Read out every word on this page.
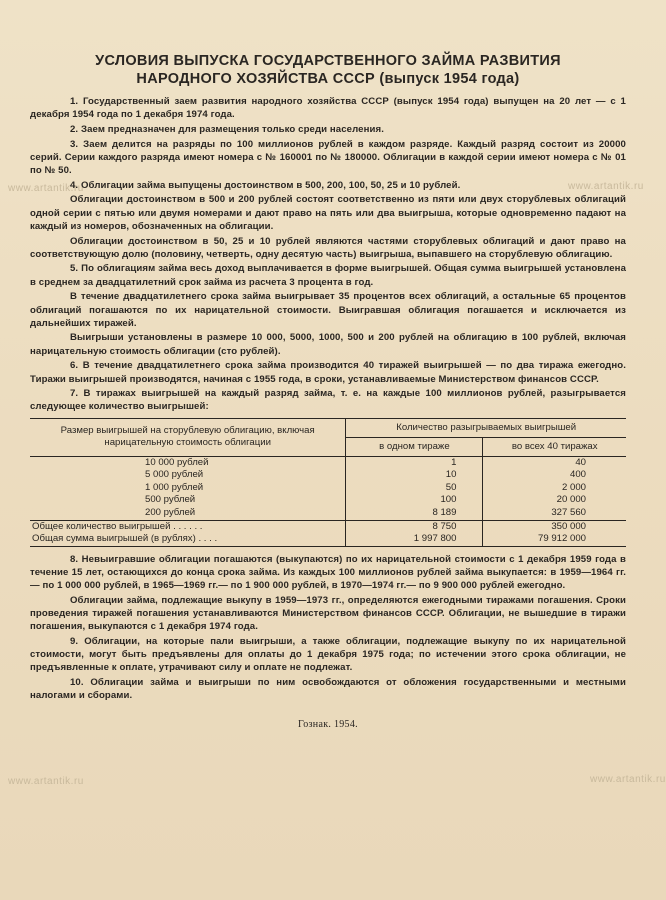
www.artantik.ru	www.artantik.ru
www.artantik.ru
www.artantik.ru
УСЛОВИЯ ВЫПУСКА ГОСУДАРСТВЕННОГО ЗАЙМА РАЗВИТИЯ
НАРОДНОГО ХОЗЯЙСТВА СССР (выпуск 1954 года)

1. Государственный заем развития народного хозяйства СССР (выпуск 1954 года) выпущен на 20 лет — с 1 декабря 1954 года по 1 декабря 1974 года.

2. Заем предназначен для размещения только среди населения.

3. Заем делится на разряды по 100 миллионов рублей в каждом разряде. Каждый разряд состоит из 20000 серий. Серии каждого разряда имеют номера с № 160001 по № 180000. Облигации в каждой серии имеют номера с № 01 по № 50.

4. Облигации займа выпущены достоинством в 500, 200, 100, 50, 25 и 10 рублей.

Облигации достоинством в 500 и 200 рублей состоят соответственно из пяти или двух сторублевых облигаций одной серии с пятью или двумя номерами и дают право на пять или два выигрыша, которые одновременно падают на каждый из номеров, обозначенных на облигации.

Облигации достоинством в 50, 25 и 10 рублей являются частями сторублевых облигаций и дают право на соответствующую долю (половину, четверть, одну десятую часть) выигрыша, выпавшего на сторублевую облигацию.

5. По облигациям займа весь доход выплачивается в форме выигрышей. Общая сумма выигрышей установлена в среднем за двадцатилетний срок займа из расчета 3 процента в год.

В течение двадцатилетнего срока займа выигрывает 35 процентов всех облигаций, а остальные 65 процентов облигаций погашаются по их нарицательной стоимости. Выигравшая облигация погашается и исключается из дальнейших тиражей.

Выигрыши установлены в размере 10 000, 5000, 1000, 500 и 200 рублей на облигацию в 100 рублей, включая нарицательную стоимость облигации (сто рублей).

6. В течение двадцатилетнего срока займа производится 40 тиражей выигрышей — по два тиража ежегодно. Тиражи выигрышей производятся, начиная с 1955 года, в сроки, устанавливаемые Министерством финансов СССР.

7. В тиражах выигрышей на каждый разряд займа, т. е. на каждые 100 миллионов рублей, разыгрывается следующее количество выигрышей:

Размер выигрышей на сторублевую облигацию, включая нарицательную стоимость облигации	Количество разыгрываемых выигрышей	
	в одном тираже	во всех 40 тиражах
10 000 рублей	1	40
5 000 рублей	10	400
1 000 рублей	50	2 000
500 рублей	100	20 000
200 рублей	8 189	327 560
Общее количество выигрышей . . . . . .	8 750	350 000
Общая сумма выигрышей (в рублях) . . . .	1 997 800	79 912 000

8. Невыигравшие облигации погашаются (выкупаются) по их нарицательной стоимости с 1 декабря 1959 года в течение 15 лет, остающихся до конца срока займа. Из каждых 100 миллионов рублей займа выкупается: в 1959—1964 гг.— по 1 000 000 рублей, в 1965—1969 гг.— по 1 900 000 рублей, в 1970—1974 гг.— по 9 900 000 рублей ежегодно.

Облигации займа, подлежащие выкупу в 1959—1973 гг., определяются ежегодными тиражами погашения. Сроки проведения тиражей погашения устанавливаются Министерством финансов СССР. Облигации, не вышедшие в тиражи погашения, выкупаются с 1 декабря 1974 года.

9. Облигации, на которые пали выигрыши, а также облигации, подлежащие выкупу по их нарицательной стоимости, могут быть предъявлены для оплаты до 1 декабря 1975 года; по истечении этого срока облигации, не предъявленные к оплате, утрачивают силу и оплате не подлежат.

10. Облигации займа и выигрыши по ним освобождаются от обложения государственными и местными налогами и сборами.

Гознак. 1954.
